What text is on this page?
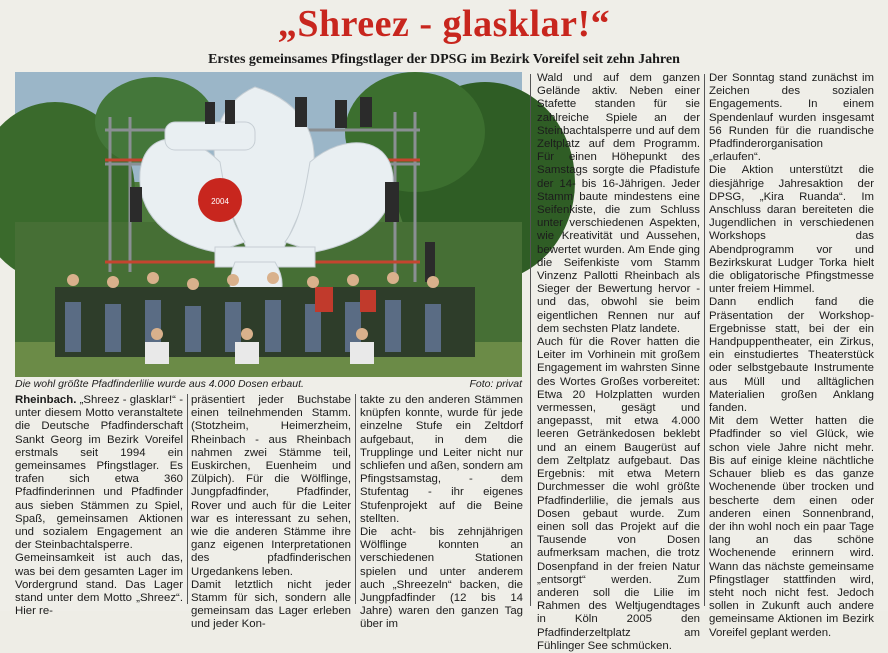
„Shreez - glasklar!“
Erstes gemeinsames Pfingstlager der DPSG im Bezirk Voreifel seit zehn Jahren
2004
Die wohl größte Pfadfinderlilie wurde aus 4.000 Dosen erbaut.	Foto: privat

Rheinbach. „Shreez - glasklar!“ - unter diesem Motto veranstaltete die Deutsche Pfadfinderschaft Sankt Georg im Bezirk Voreifel erstmals seit 1994 ein gemeinsames Pfingstlager. Es trafen sich etwa 360 Pfadfinderinnen und Pfadfinder aus sieben Stämmen zu Spiel, Spaß, gemeinsamen Aktionen und sozialem Engagement an der Steinbachtalsperre.

Gemeinsamkeit ist auch das, was bei dem gesamten Lager im Vordergrund stand. Das Lager stand unter dem Motto „Shreez“. Hier re-

präsentiert jeder Buchstabe einen teilnehmenden Stamm. (Stotzheim, Heimerzheim, Rheinbach - aus Rheinbach nahmen zwei Stämme teil, Euskirchen, Euenheim und Zülpich). Für die Wölflinge, Jungpfadfinder, Pfadfinder, Rover und auch für die Leiter war es interessant zu sehen, wie die anderen Stämme ihre ganz eigenen Interpretationen des pfadfinderischen Urgedankens leben.

Damit letztlich nicht jeder Stamm für sich, sondern alle gemeinsam das Lager erleben und jeder Kon-

takte zu den anderen Stämmen knüpfen konnte, wurde für jede einzelne Stufe ein Zeltdorf aufgebaut, in dem die Trupplinge und Leiter nicht nur schliefen und aßen, sondern am Pfingstsamstag, - dem Stufentag - ihr eigenes Stufenprojekt auf die Beine stellten.

Die acht- bis zehnjährigen Wölflinge konnten an verschiedenen Stationen spielen und unter anderem auch „Shreezeln“ backen, die Jungpfadfinder (12 bis 14 Jahre) waren den ganzen Tag über im

Wald und auf dem ganzen Gelände aktiv. Neben einer Stafette standen für sie zahlreiche Spiele an der Steinbachtalsperre und auf dem Zeltplatz auf dem Programm. Für einen Höhepunkt des Samstags sorgte die Pfadistufe der 14- bis 16-Jährigen. Jeder Stamm baute mindestens eine Seifenkiste, die zum Schluss unter verschiedenen Aspekten, wie Kreativität und Aussehen, bewertet wurden. Am Ende ging die Seifenkiste vom Stamm Vinzenz Pallotti Rheinbach als Sieger der Bewertung hervor - und das, obwohl sie beim eigentlichen Rennen nur auf dem sechsten Platz landete.

Auch für die Rover hatten die Leiter im Vorhinein mit großem Engagement im wahrsten Sinne des Wortes Großes vorbereitet: Etwa 20 Holzplatten wurden vermessen, gesägt und angepasst, mit etwa 4.000 leeren Getränkedosen beklebt und an einem Baugerüst auf dem Zeltplatz aufgebaut. Das Ergebnis: mit etwa Metern Durchmesser die wohl größte Pfadfinderlilie, die jemals aus Dosen gebaut wurde. Zum einen soll das Projekt auf die Tausende von Dosen aufmerksam machen, die trotz Dosenpfand in der freien Natur „entsorgt“ werden. Zum anderen soll die Lilie im Rahmen des Weltjugendtages in Köln 2005 den Pfadfinderzeltplatz am Fühlinger See schmücken.

Der Sonntag stand zunächst im Zeichen des sozialen Engagements. In einem Spendenlauf wurden insgesamt 56 Runden für die ruandische Pfadfinderorganisation „erlaufen“.

Die Aktion unterstützt die diesjährige Jahresaktion der DPSG, „Kira Ruanda“. Im Anschluss daran bereiteten die Jugendlichen in verschiedenen Workshops das Abendprogramm vor und Bezirkskurat Ludger Torka hielt die obligatorische Pfingstmesse unter freiem Himmel.

Dann endlich fand die Präsentation der Workshop-Ergebnisse statt, bei der ein Handpuppentheater, ein Zirkus, ein einstudiertes Theaterstück oder selbstgebaute Instrumente aus Müll und alltäglichen Materialien großen Anklang fanden.

Mit dem Wetter hatten die Pfadfinder so viel Glück, wie schon viele Jahre nicht mehr. Bis auf einige kleine nächtliche Schauer blieb es das ganze Wochenende über trocken und bescherte dem einen oder anderen einen Sonnenbrand, der ihn wohl noch ein paar Tage lang an das schöne Wochenende erinnern wird. Wann das nächste gemeinsame Pfingstlager stattfinden wird, steht noch nicht fest. Jedoch sollen in Zukunft auch andere gemeinsame Aktionen im Bezirk Voreifel geplant werden.
